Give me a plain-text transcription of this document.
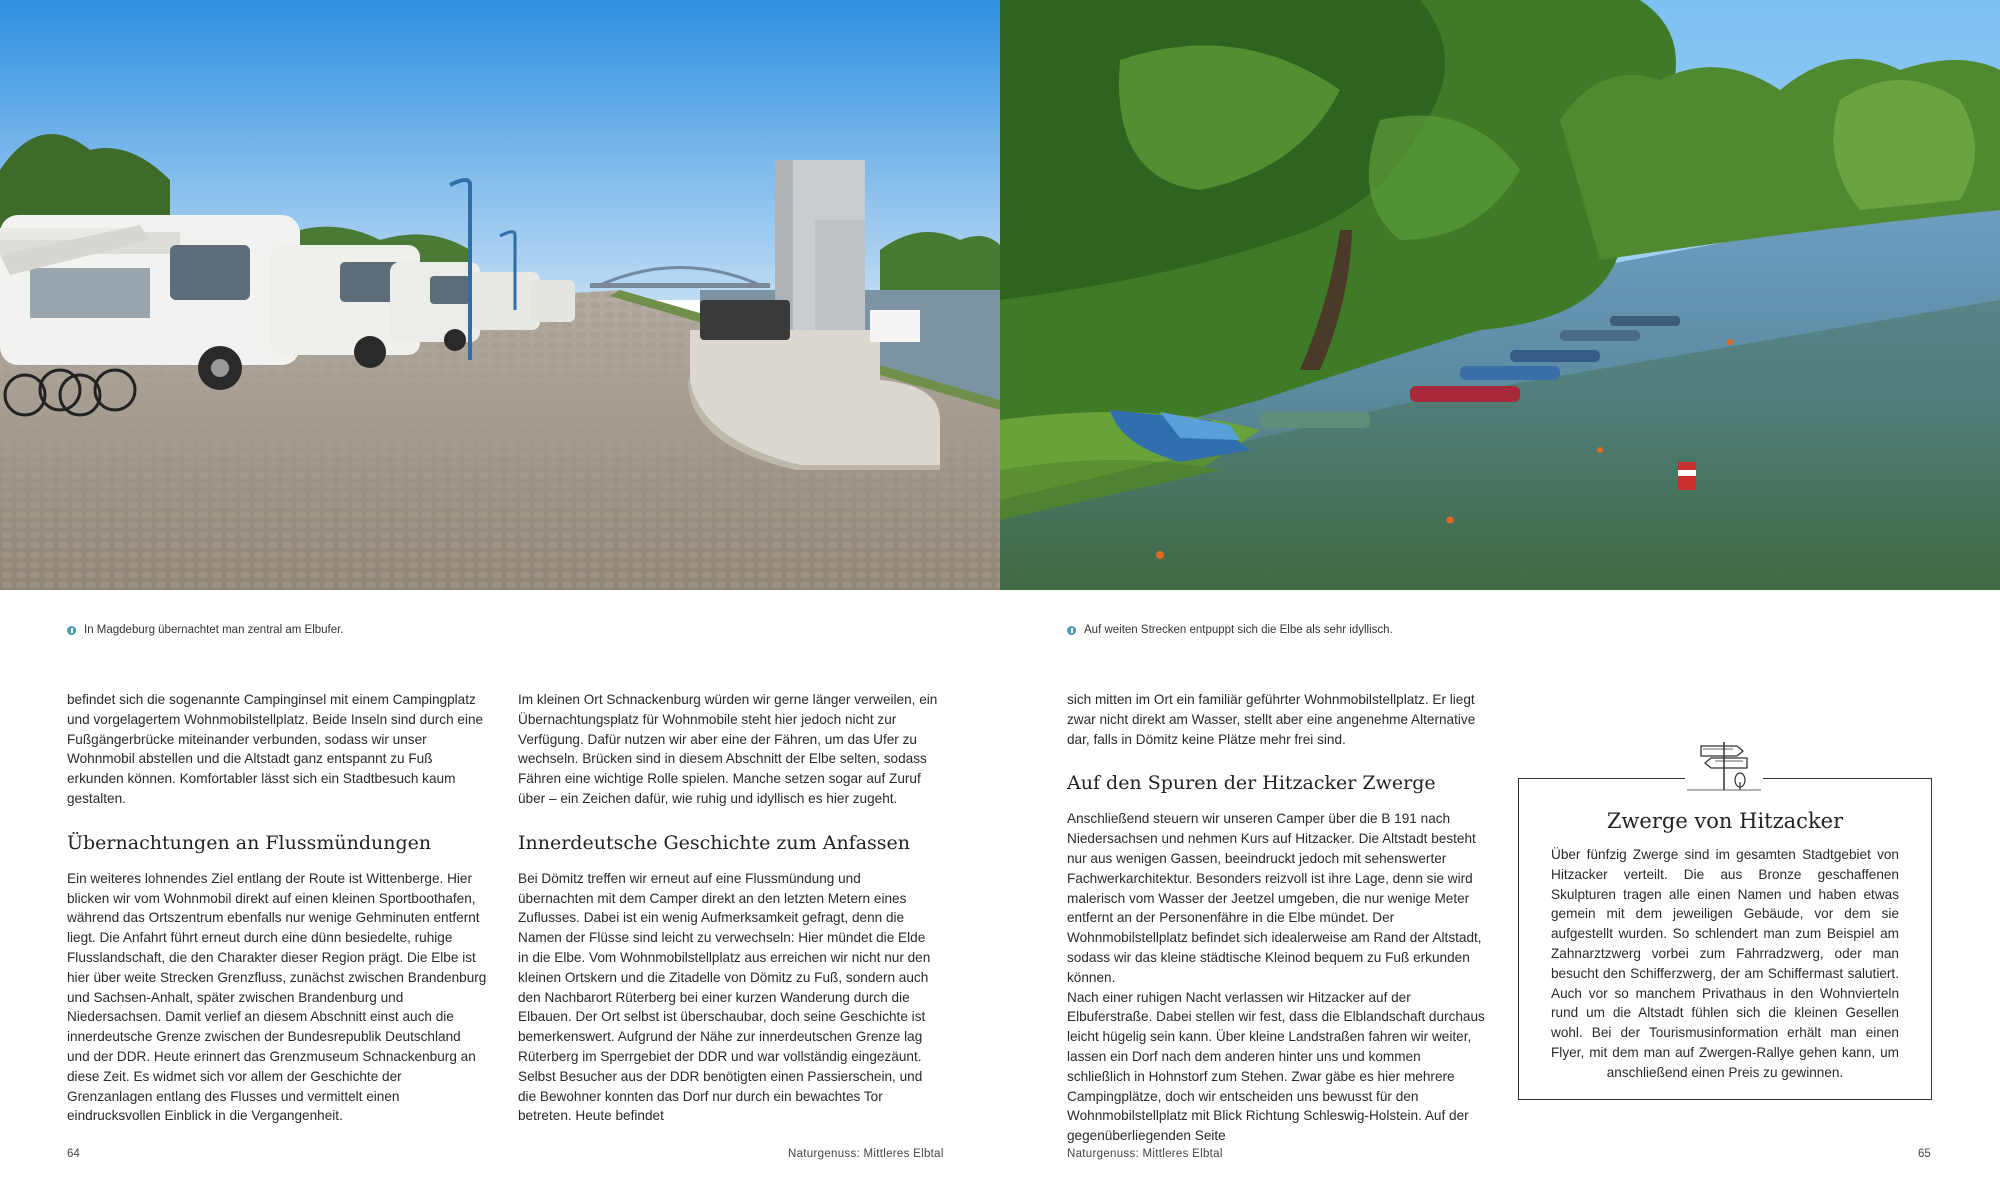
In Magdeburg übernachtet man zentral am Elbufer.	Auf weiten Strecken entpuppt sich die Elbe als sehr idyllisch.

befindet sich die sogenannte Campinginsel mit einem Campingplatz und vorgelagertem Wohnmobilstellplatz. Beide Inseln sind durch eine Fußgängerbrücke miteinander verbunden, sodass wir unser Wohnmobil abstellen und die Altstadt ganz entspannt zu Fuß erkunden können. Komfortabler lässt sich ein Stadtbesuch kaum gestalten.

Übernachtungen an Flussmündungen

Ein weiteres lohnendes Ziel entlang der Route ist Wittenberge. Hier blicken wir vom Wohnmobil direkt auf einen kleinen Sportboothafen, während das Ortszentrum ebenfalls nur wenige Gehminuten entfernt liegt. Die Anfahrt führt erneut durch eine dünn besiedelte, ruhige Flusslandschaft, die den Charakter dieser Region prägt. Die Elbe ist hier über weite Strecken Grenzfluss, zunächst zwischen Brandenburg und Sachsen-Anhalt, später zwischen Brandenburg und Niedersachsen. Damit verlief an diesem Abschnitt einst auch die innerdeutsche Grenze zwischen der Bundesrepublik Deutschland und der DDR. Heute erinnert das Grenzmuseum Schnackenburg an diese Zeit. Es widmet sich vor allem der Geschichte der Grenzanlagen entlang des Flusses und vermittelt einen eindrucksvollen Einblick in die Vergangenheit.

Im kleinen Ort Schnackenburg würden wir gerne länger verweilen, ein Übernachtungsplatz für Wohnmobile steht hier jedoch nicht zur Verfügung. Dafür nutzen wir aber eine der Fähren, um das Ufer zu wechseln. Brücken sind in diesem Abschnitt der Elbe selten, sodass Fähren eine wichtige Rolle spielen. Manche setzen sogar auf Zuruf über – ein Zeichen dafür, wie ruhig und idyllisch es hier zugeht.

Innerdeutsche Geschichte zum Anfassen

Bei Dömitz treffen wir erneut auf eine Flussmündung und übernachten mit dem Camper direkt an den letzten Metern eines Zuflusses. Dabei ist ein wenig Aufmerksamkeit gefragt, denn die Namen der Flüsse sind leicht zu verwechseln: Hier mündet die Elde in die Elbe. Vom Wohnmobilstellplatz aus erreichen wir nicht nur den kleinen Ortskern und die Zitadelle von Dömitz zu Fuß, sondern auch den Nachbarort Rüterberg bei einer kurzen Wanderung durch die Elbauen. Der Ort selbst ist überschaubar, doch seine Geschichte ist bemerkenswert. Aufgrund der Nähe zur innerdeutschen Grenze lag Rüterberg im Sperrgebiet der DDR und war vollständig eingezäunt. Selbst Besucher aus der DDR benötigten einen Passierschein, und die Bewohner konnten das Dorf nur durch ein bewachtes Tor betreten. Heute befindet

sich mitten im Ort ein familiär geführter Wohnmobilstellplatz. Er liegt zwar nicht direkt am Wasser, stellt aber eine angenehme Alternative dar, falls in Dömitz keine Plätze mehr frei sind.

Auf den Spuren der Hitzacker Zwerge

Anschließend steuern wir unseren Camper über die B 191 nach Niedersachsen und nehmen Kurs auf Hitzacker. Die Altstadt besteht nur aus wenigen Gassen, beeindruckt jedoch mit sehenswerter Fachwerkarchitektur. Besonders reizvoll ist ihre Lage, denn sie wird malerisch vom Wasser der Jeetzel umgeben, die nur wenige Meter entfernt an der Personenfähre in die Elbe mündet. Der Wohnmobilstellplatz befindet sich idealerweise am Rand der Altstadt, sodass wir das kleine städtische Kleinod bequem zu Fuß erkunden können.

Nach einer ruhigen Nacht verlassen wir Hitzacker auf der Elbuferstraße. Dabei stellen wir fest, dass die Elblandschaft durchaus leicht hügelig sein kann. Über kleine Landstraßen fahren wir weiter, lassen ein Dorf nach dem anderen hinter uns und kommen schließlich in Hohnstorf zum Stehen. Zwar gäbe es hier mehrere Campingplätze, doch wir entscheiden uns bewusst für den Wohnmobilstellplatz mit Blick Richtung Schleswig-Holstein. Auf der gegenüberliegenden Seite

Zwerge von Hitzacker

Über fünfzig Zwerge sind im gesamten Stadtgebiet von Hitzacker verteilt. Die aus Bronze geschaffenen Skulpturen tragen alle einen Namen und haben etwas gemein mit dem jeweiligen Gebäude, vor dem sie aufgestellt wurden. So schlendert man zum Beispiel am Zahnarztzwerg vorbei zum Fahrradzwerg, oder man besucht den Schifferzwerg, der am Schiffermast salutiert. Auch vor so manchem Privathaus in den Wohnvierteln rund um die Altstadt fühlen sich die kleinen Gesellen wohl. Bei der Tourismusinformation erhält man einen Flyer, mit dem man auf Zwergen-Rallye gehen kann, um anschließend einen Preis zu gewinnen.

64	Naturgenuss: Mittleres Elbtal	Naturgenuss: Mittleres Elbtal	65
